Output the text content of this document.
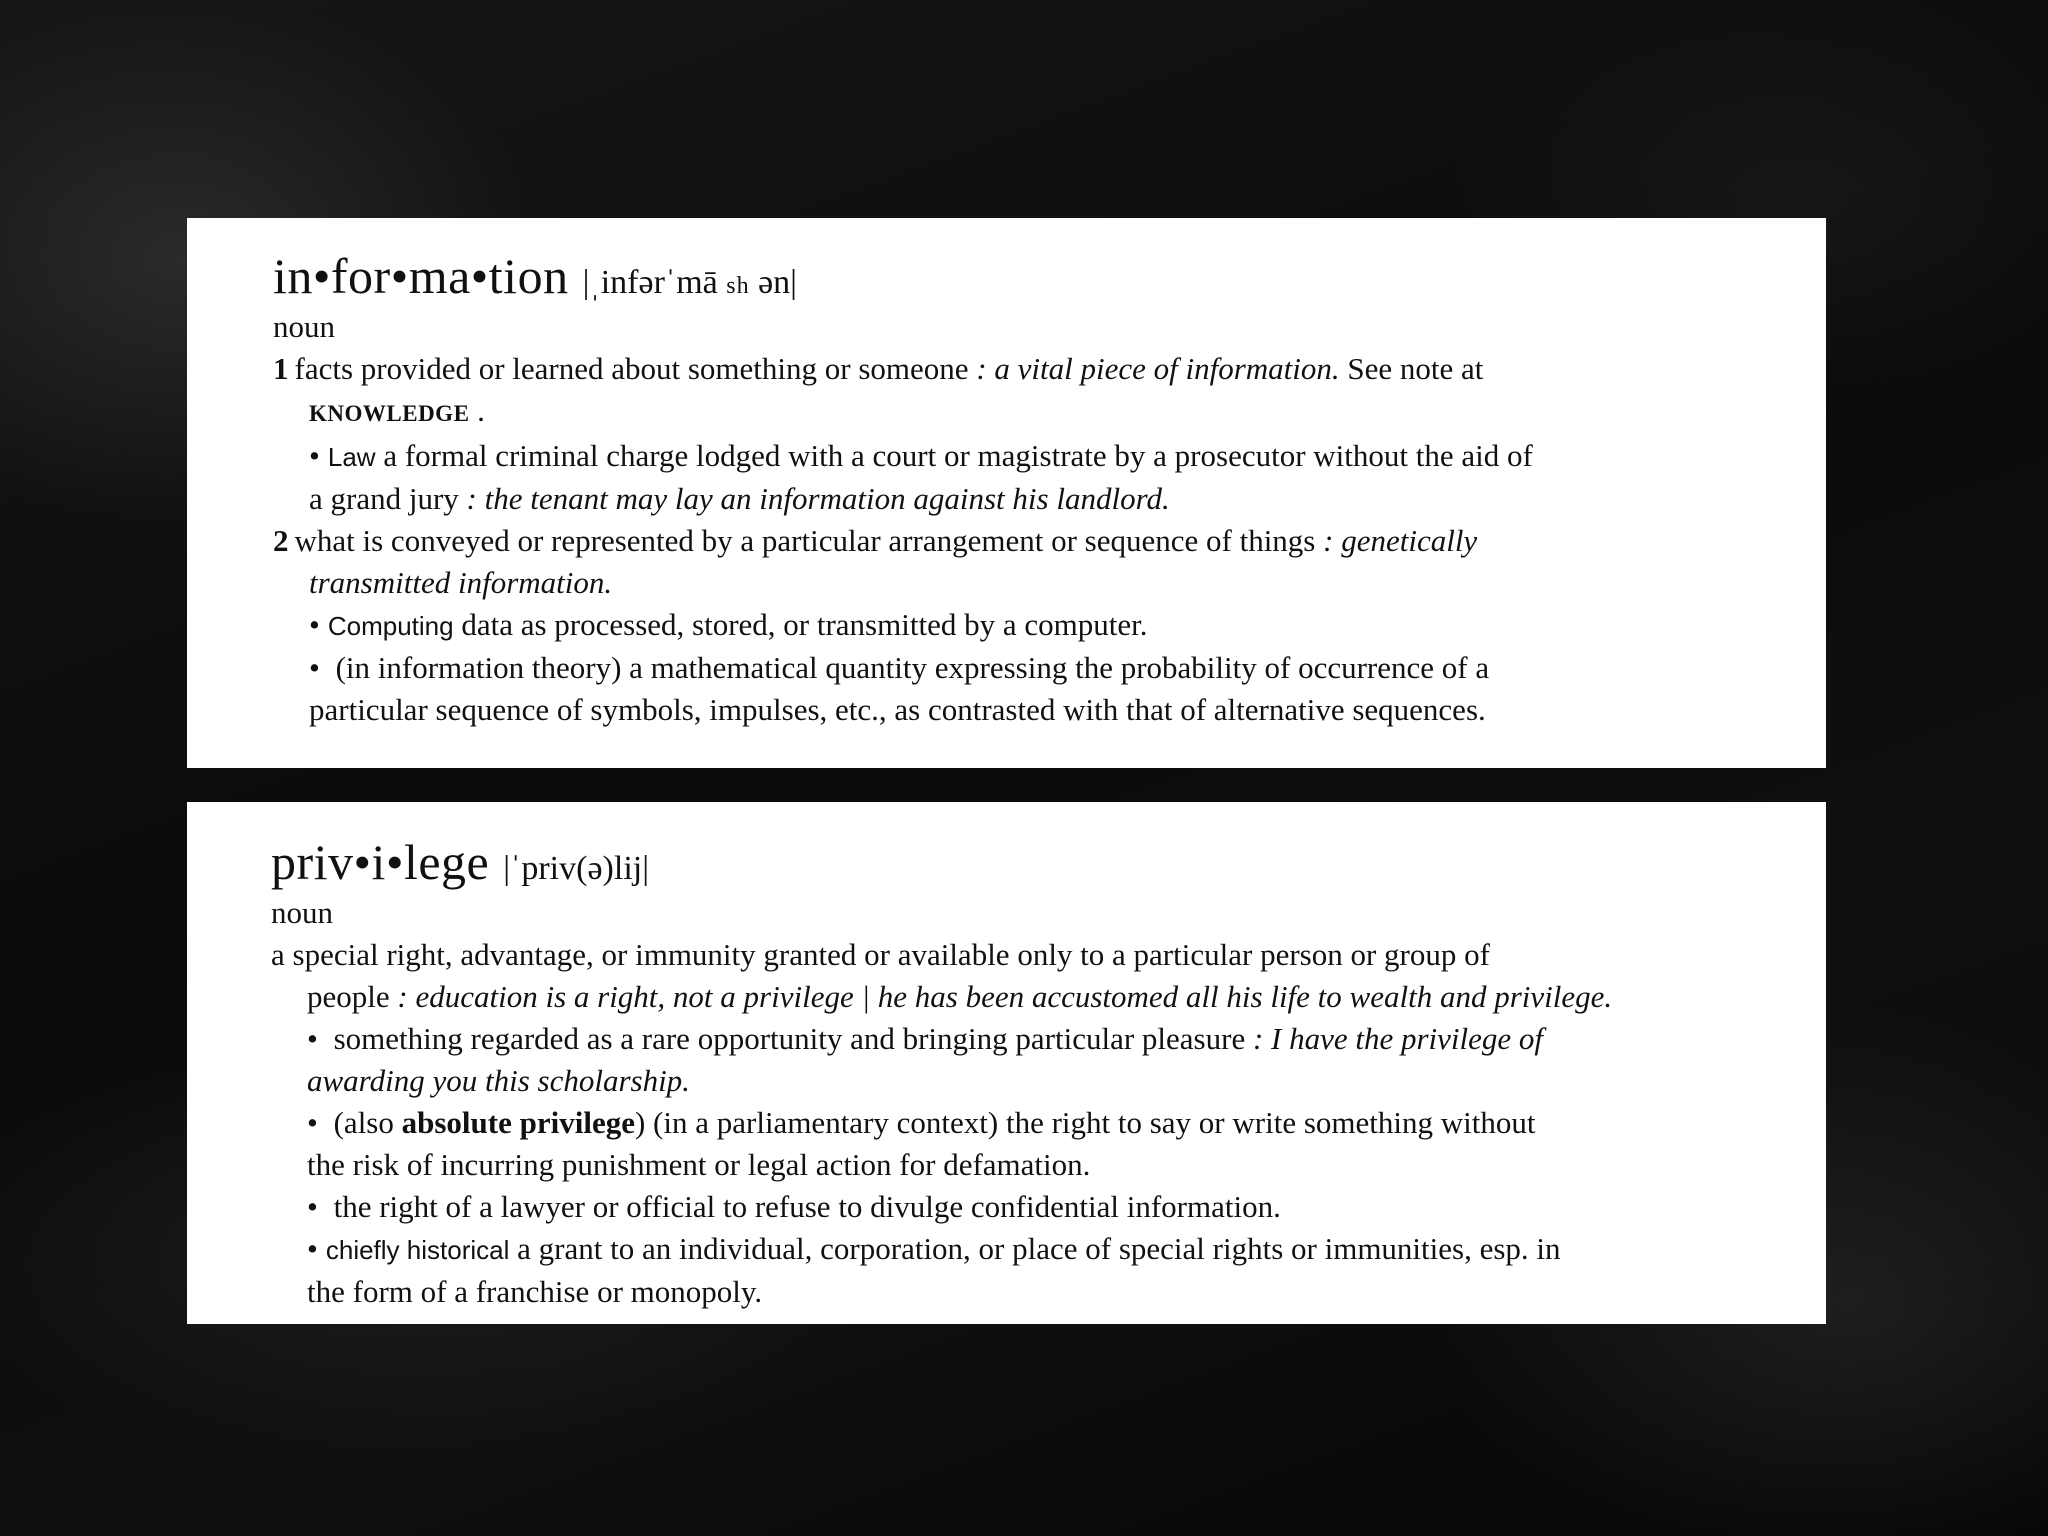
in•for•ma•tion |ˌinfərˈmā sh ən|
noun
1 facts provided or learned about something or someone : a vital piece of information. See note at
KNOWLEDGE .
• Law a formal criminal charge lodged with a court or magistrate by a prosecutor without the aid of
a grand jury : the tenant may lay an information against his landlord.
2 what is conveyed or represented by a particular arrangement or sequence of things : genetically
transmitted information.
• Computing data as processed, stored, or transmitted by a computer.
• (in information theory) a mathematical quantity expressing the probability of occurrence of a
particular sequence of symbols, impulses, etc., as contrasted with that of alternative sequences.
priv•i•lege |ˈpriv(ə)lij|
noun
a special right, advantage, or immunity granted or available only to a particular person or group of
people : education is a right, not a privilege | he has been accustomed all his life to wealth and privilege.
• something regarded as a rare opportunity and bringing particular pleasure : I have the privilege of
awarding you this scholarship.
• (also absolute privilege) (in a parliamentary context) the right to say or write something without
the risk of incurring punishment or legal action for defamation.
• the right of a lawyer or official to refuse to divulge confidential information.
• chiefly historical a grant to an individual, corporation, or place of special rights or immunities, esp. in
the form of a franchise or monopoly.
